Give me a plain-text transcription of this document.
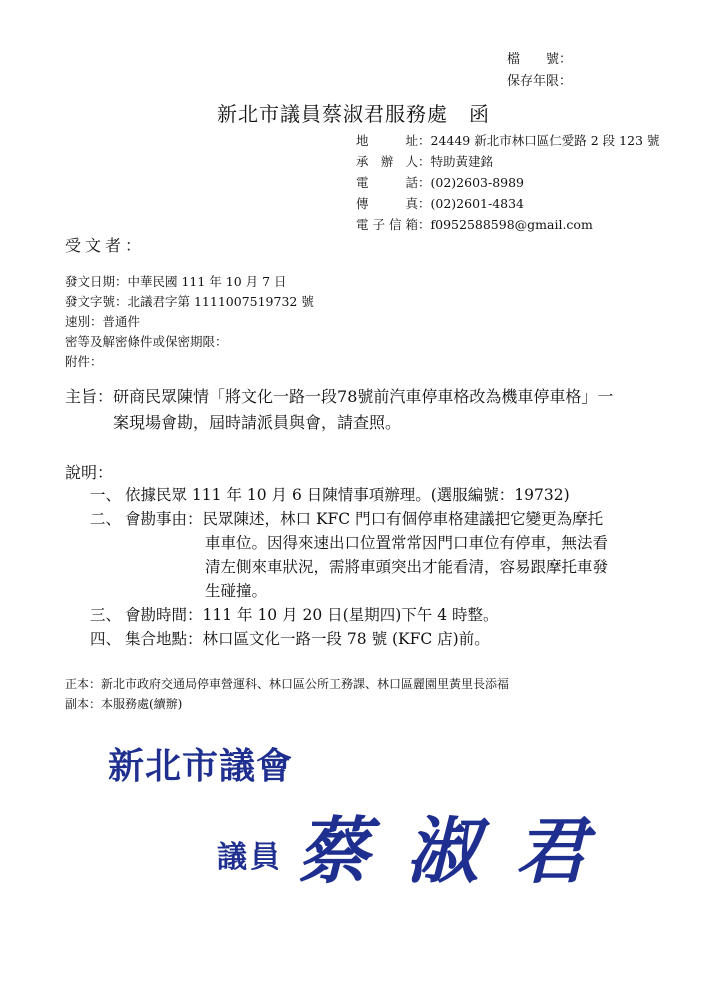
檔　　號：
保存年限：
新北市議員蔡淑君服務處　函
地址：24449 新北市林口區仁愛路 2 段 123 號
承辦人：特助黃建銘
電話：(02)2603-8989
傳真：(02)2601-4834
電子信箱：f0952588598@gmail.com
受文者：
發文日期：中華民國 111 年 10 月 7 日
發文字號：北議君字第 1111007519732 號
速別：普通件
密等及解密條件或保密期限：
附件：
主旨：研商民眾陳情「將文化一路一段78號前汽車停車格改為機車停車格」一
案現場會勘，屆時請派員與會，請查照。
說明：
一、 依據民眾 111 年 10 月 6 日陳情事項辦理。(選服編號：19732)
二、 會勘事由：民眾陳述，林口 KFC 門口有個停車格建議把它變更為摩托
車車位。因得來速出口位置常常因門口車位有停車，無法看
清左側來車狀況，需將車頭突出才能看清，容易跟摩托車發
生碰撞。
三、 會勘時間：111 年 10 月 20 日(星期四)下午 4 時整。
四、 集合地點：林口區文化一路一段 78 號 (KFC 店)前。
正本：新北市政府交通局停車營運科、林口區公所工務課、林口區麗園里黃里長添福
副本：本服務處(續辦)
新北市議會
議員 蔡 淑 君
